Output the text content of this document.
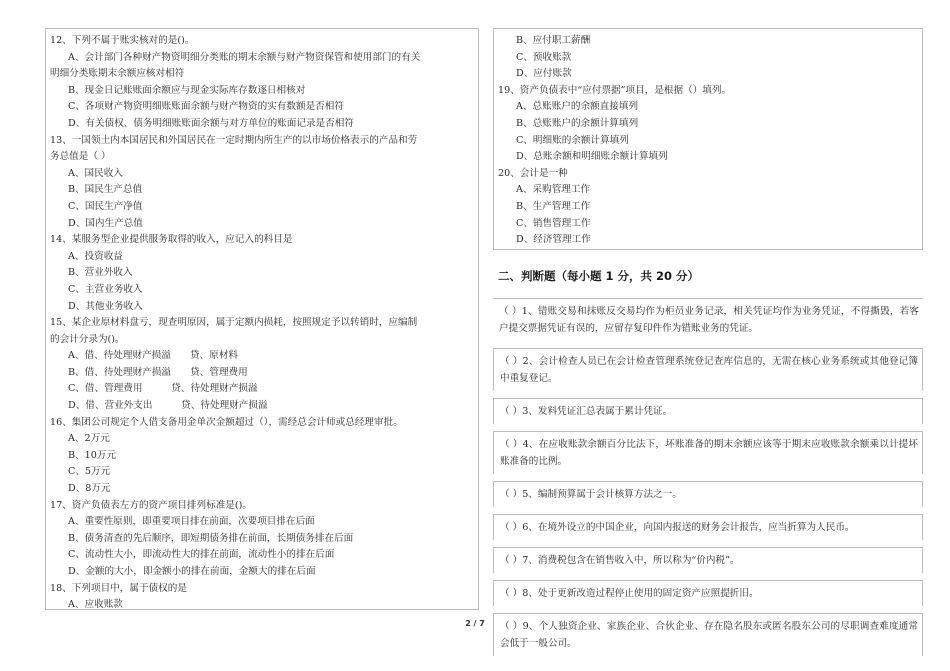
12、下列不属于账实核对的是()。
A、会计部门各种财产物资明细分类账的期末余额与财产物资保管和使用部门的有关
明细分类账期末余额应核对相符
B、现金日记账账面余额应与现金实际库存数逐日相核对
C、各项财产物资明细账账面余额与财产物资的实有数额是否相符
D、有关债权、债务明细账账面余额与对方单位的账面记录是否相符
13、一国领土内本国居民和外国居民在一定时期内所生产的以市场价格表示的产品和劳
务总值是（ ）
A、国民收入
B、国民生产总值
C、国民生产净值
D、国内生产总值
14、某服务型企业提供服务取得的收入，应记入的科目是
A、投资收益
B、营业外收入
C、主营业务收入
D、其他业务收入
15、某企业原材料盘亏，现查明原因，属于定额内损耗，按照规定予以转销时，应编制
的会计分录为()。
A、借、待处理财产损溢　　贷、原材料
B、借、待处理财产损溢　　贷、管理费用
C、借、管理费用　　　贷、待处理财产损溢
D、借、营业外支出　　　贷、待处理财产损溢
16、集团公司规定个人借支备用金单次金额超过（），需经总会计师或总经理审批。
A、2万元
B、10万元
C、5万元
D、8万元
17、资产负债表左方的资产项目排列标准是()。
A、重要性原则，即重要项目排在前面，次要项目排在后面
B、债务清查的先后顺序，即短期债务排在前面，长期债务排在后面
C、流动性大小，即流动性大的排在前面，流动性小的排在后面
D、金额的大小，即金额小的排在前面，金额大的排在后面
18、下列项目中，属于债权的是
A、应收账款
B、应付职工薪酬
C、预收账款
D、应付账款
19、资产负债表中“应付票据”项目，是根据（）填列。
A、总账账户的余额直接填列
B、总账账户的余额计算填列
C、明细账的余额计算填列
D、总账余额和明细账余额计算填列
20、会计是一种
A、采购管理工作
B、生产管理工作
C、销售管理工作
D、经济管理工作
二、判断题（每小题 1 分，共 20 分）
（ ）1、错账交易和抹账反交易均作为柜员业务记录，相关凭证均作为业务凭证，不得撕毁，若客户提交票据凭证有误的，应留存复印件作为错账业务的凭证。
（ ）2、会计检查人员已在会计检查管理系统登记查库信息的，无需在核心业务系统或其他登记簿中重复登记。
（ ）3、发料凭证汇总表属于累计凭证。
（ ）4、在应收账款余额百分比法下，坏账准备的期末余额应该等于期末应收账款余额乘以计提坏账准备的比例。
（ ）5、编制预算属于会计核算方法之一。
（ ）6、在境外设立的中国企业，向国内报送的财务会计报告，应当折算为人民币。
（ ）7、消费税包含在销售收入中，所以称为“价内税”。
（ ）8、处于更新改造过程停止使用的固定资产应照提折旧。
（ ）9、个人独资企业、家族企业、合伙企业、存在隐名股东或匿名股东公司的尽职调查难度通常会低于一般公司。
2 / 7
